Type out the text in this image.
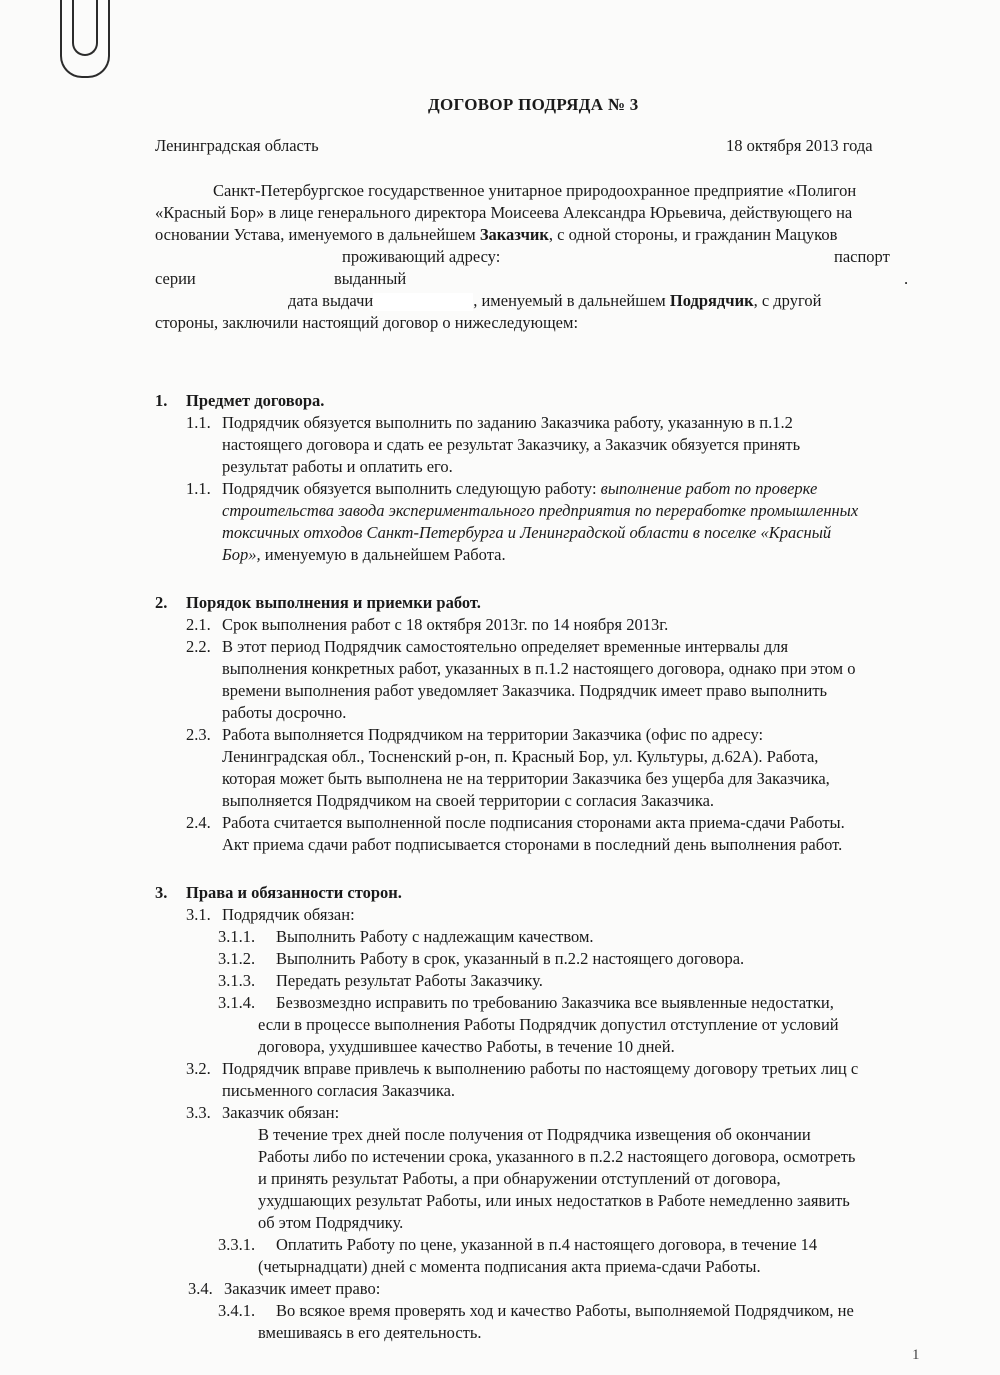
ДОГОВОР ПОДРЯДА № 3
Ленинградская область	18 октября 2013 года
Санкт-Петербургское государственное унитарное природоохранное предприятие «Полигон
«Красный Бор» в лице генерального директора Моисеева Александра Юрьевича, действующего на
основании Устава, именуемого в дальнейшем Заказчик, с одной стороны, и гражданин Мацуков
проживающий адресу:	паспорт
серии	выданный	.
дата выдачи	, именуемый в дальнейшем Подрядчик, с другой
стороны, заключили настоящий договор о нижеследующем:
1. Предмет договора.
1.1. Подрядчик обязуется выполнить по заданию Заказчика работу, указанную в п.1.2
настоящего договора и сдать ее результат Заказчику, а Заказчик обязуется принять
результат работы и оплатить его.
1.1. Подрядчик обязуется выполнить следующую работу: выполнение работ по проверке
строительства завода экспериментального предприятия по переработке промышленных
токсичных отходов Санкт-Петербурга и Ленинградской области в поселке «Красный
Бор», именуемую в дальнейшем Работа.
2. Порядок выполнения и приемки работ.
2.1. Срок выполнения работ с 18 октября 2013г. по 14 ноября 2013г.
2.2. В этот период Подрядчик самостоятельно определяет временные интервалы для
выполнения конкретных работ, указанных в п.1.2 настоящего договора, однако при этом о
времени выполнения работ уведомляет Заказчика. Подрядчик имеет право выполнить
работы досрочно.
2.3. Работа выполняется Подрядчиком на территории Заказчика (офис по адресу:
Ленинградская обл., Тосненский р-он, п. Красный Бор, ул. Культуры, д.62А). Работа,
которая может быть выполнена не на территории Заказчика без ущерба для Заказчика,
выполняется Подрядчиком на своей территории с согласия Заказчика.
2.4. Работа считается выполненной после подписания сторонами акта приема-сдачи Работы.
Акт приема сдачи работ подписывается сторонами в последний день выполнения работ.
3. Права и обязанности сторон.
3.1. Подрядчик обязан:
3.1.1. Выполнить Работу с надлежащим качеством.
3.1.2. Выполнить Работу в срок, указанный в п.2.2 настоящего договора.
3.1.3. Передать результат Работы Заказчику.
3.1.4. Безвозмездно исправить по требованию Заказчика все выявленные недостатки,
если в процессе выполнения Работы Подрядчик допустил отступление от условий
договора, ухудшившее качество Работы, в течение 10 дней.
3.2. Подрядчик вправе привлечь к выполнению работы по настоящему договору третьих лиц с
письменного согласия Заказчика.
3.3. Заказчик обязан:
В течение трех дней после получения от Подрядчика извещения об окончании
Работы либо по истечении срока, указанного в п.2.2 настоящего договора, осмотреть
и принять результат Работы, а при обнаружении отступлений от договора,
ухудшающих результат Работы, или иных недостатков в Работе немедленно заявить
об этом Подрядчику.
3.3.1. Оплатить Работу по цене, указанной в п.4 настоящего договора, в течение 14
(четырнадцати) дней с момента подписания акта приема-сдачи Работы.
3.4. Заказчик имеет право:
3.4.1. Во всякое время проверять ход и качество Работы, выполняемой Подрядчиком, не
вмешиваясь в его деятельность.
1
